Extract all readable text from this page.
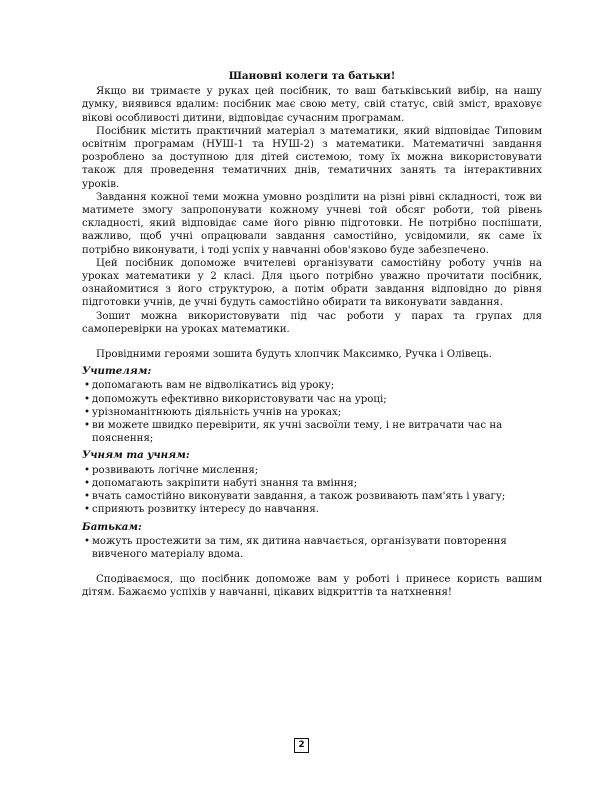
Шановні колеги та батьки!

Якщо ви тримаєте у руках цей посібник, то ваш батьківський вибір, на нашу думку, виявився вдалим: посібник має свою мету, свій статус, свій зміст, враховує вікові особливості дитини, відповідає сучасним програмам.

Посібник містить практичний матеріал з математики, який відповідає Типовим освітнім програмам (НУШ-1 та НУШ-2) з математики. Математичні завдання розроблено за доступною для дітей системою, тому їх можна використовувати також для проведення тематичних днів, тематичних занять та інтерактивних уроків.

Завдання кожної теми можна умовно розділити на різні рівні складності, тож ви матимете змогу запропонувати кожному учневі той обсяг роботи, той рівень складності, який відповідає саме його рівню підготовки. Не потрібно поспішати, важливо, щоб учні опрацювали завдання самостійно, усвідомили, як саме їх потрібно виконувати, і тоді успіх у навчанні обов'язково буде забезпечено.

Цей посібник допоможе вчителеві організувати самостійну роботу учнів на уроках математики у 2 класі. Для цього потрібно уважно прочитати посібник, ознайомитися з його структурою, а потім обрати завдання відповідно до рівня підготовки учнів, де учні будуть самостійно обирати та виконувати завдання.

Зошит можна використовувати під час роботи у парах та групах для самоперевірки на уроках математики.

Провідними героями зошита будуть хлопчик Максимко, Ручка і Олівець.

Учителям:
• допомагають вам не відволікатись від уроку;
• допоможуть ефективно використовувати час на уроці;
• урізноманітнюють діяльність учнів на уроках;
• ви можете швидко перевірити, як учні засвоїли тему, і не витрачати час на пояснення;
Учням та учням:
• розвивають логічне мислення;
• допомагають закріпити набуті знання та вміння;
• вчать самостійно виконувати завдання, а також розвивають пам'ять і увагу;
• сприяють розвитку інтересу до навчання.
Батькам:
• можуть простежити за тим, як дитина навчається, організувати повторення вивченого матеріалу вдома.

Сподіваємося, що посібник допоможе вам у роботі і принесе користь вашим дітям. Бажаємо успіхів у навчанні, цікавих відкриттів та натхнення!

2
